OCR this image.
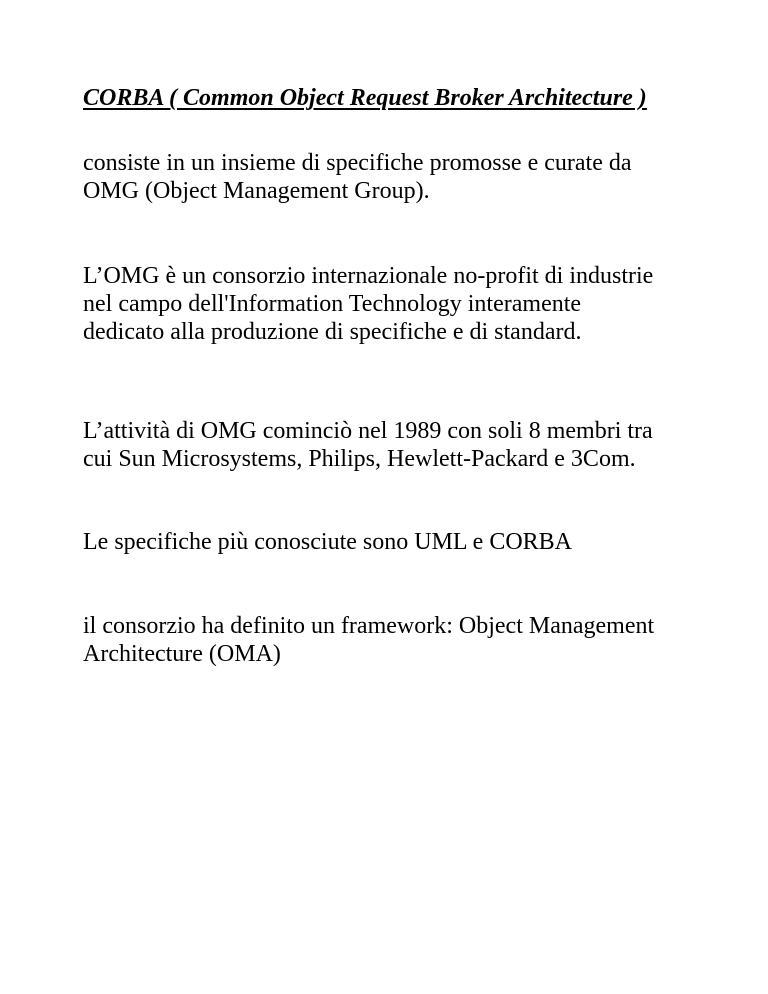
CORBA ( Common Object Request Broker Architecture )

consiste in un insieme di specifiche promosse e curate da
OMG (Object Management Group).

L’OMG è un consorzio internazionale no-profit di industrie
nel campo dell'Information Technology interamente
dedicato alla produzione di specifiche e di standard.

L’attività di OMG cominciò nel 1989 con soli 8 membri tra
cui Sun Microsystems, Philips, Hewlett-Packard e 3Com.

Le specifiche più conosciute sono UML e CORBA

il consorzio ha definito un framework: Object Management
Architecture (OMA)
